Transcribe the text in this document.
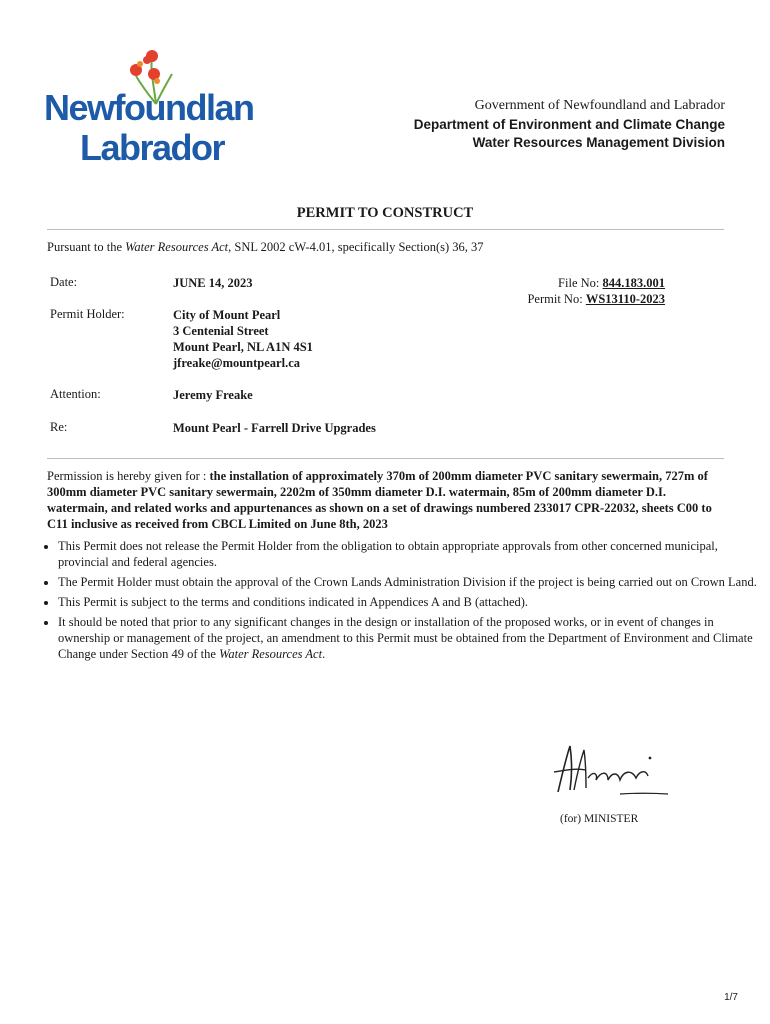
Newfoundland
Labrador
Government of Newfoundland and Labrador
Department of Environment and Climate Change
Water Resources Management Division
PERMIT TO CONSTRUCT
Pursuant to the Water Resources Act, SNL 2002 cW-4.01, specifically Section(s) 36, 37
Date:	JUNE 14, 2023	File No: 844.183.001
Permit No: WS13110-2023
Permit Holder:	City of Mount Pearl
3 Centenial Street
Mount Pearl, NL A1N 4S1
jfreake@mountpearl.ca
Attention:	Jeremy Freake
Re:	Mount Pearl - Farrell Drive Upgrades
Permission is hereby given for : the installation of approximately 370m of 200mm diameter PVC sanitary sewermain, 727m of 300mm diameter PVC sanitary sewermain, 2202m of 350mm diameter D.I. watermain, 85m of 200mm diameter D.I. watermain, and related works and appurtenances as shown on a set of drawings numbered 233017 CPR-22032, sheets C00 to C11 inclusive as received from CBCL Limited on June 8th, 2023
• This Permit does not release the Permit Holder from the obligation to obtain appropriate approvals from other concerned municipal, provincial and federal agencies.
• The Permit Holder must obtain the approval of the Crown Lands Administration Division if the project is being carried out on Crown Land.
• This Permit is subject to the terms and conditions indicated in Appendices A and B (attached).
• It should be noted that prior to any significant changes in the design or installation of the proposed works, or in event of changes in ownership or management of the project, an amendment to this Permit must be obtained from the Department of Environment and Climate Change under Section 49 of the Water Resources Act.
(for) MINISTER
1/7
